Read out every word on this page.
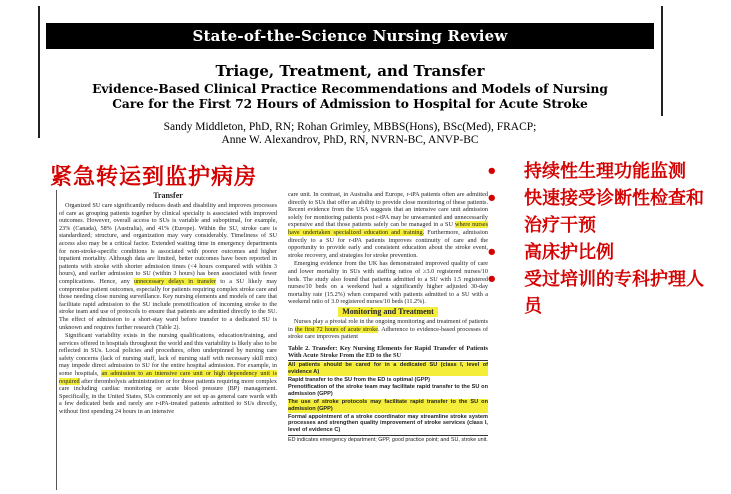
State-of-the-Science Nursing Review
Triage, Treatment, and Transfer
Evidence-Based Clinical Practice Recommendations and Models of Nursing
Care for the First 72 Hours of Admission to Hospital for Acute Stroke
Sandy Middleton, PhD, RN; Rohan Grimley, MBBS(Hons), BSc(Med), FRACP;
Anne W. Alexandrov, PhD, RN, NVRN-BC, ANVP-BC
紧急转运到监护病房	•	持续性生理功能监测
•	快速接受诊断性检查和治疗干预
•	高床护比例
•	受过培训的专科护理人员
Transfer

Organized SU care significantly reduces death and disability and improves processes of care as grouping patients together by clinical specialty is associated with improved outcomes. However, overall access to SUs is variable and suboptimal, for example, 23% (Canada), 58% (Australia), and 41% (Europe). Within the SU, stroke care is standardized; structure, and organization may vary considerably. Timeliness of SU access also may be a critical factor. Extended waiting time in emergency departments for non-stroke-specific conditions is associated with poorer outcomes and higher inpatient mortality. Although data are limited, better outcomes have been reported in patients with stroke with shorter admission times (<4 hours compared with within 3 hours), and earlier admission to SU (within 3 hours) has been associated with fewer complications. Hence, any unnecessary delays in transfer to a SU likely may compromise patient outcomes, especially for patients requiring complex stroke care and those needing close nursing surveillance. Key nursing elements and models of care that facilitate rapid admission to the SU include prenotification of incoming stroke to the stroke team and use of protocols to ensure that patients are admitted directly to the SU. The effect of admission to a short-stay ward before transfer to a dedicated SU is unknown and requires further research (Table 2).

Significant variability exists in the nursing qualifications, education/training, and services offered in hospitals throughout the world and this variability is likely also to be reflected in SUs. Local policies and procedures, often underpinned by nursing care safety concerns (lack of nursing staff, lack of nursing staff with necessary skill mix) may impede direct admission to SU for the entire hospital admission. For example, in some hospitals, an admission to an intensive care unit or high dependency unit is required after thrombolysis administration or for those patients requiring more complex care including cardiac monitoring or acute blood pressure (BP) management. Specifically, in the United States, SUs commonly are set up as general care wards with a few dedicated beds and rarely are r-tPA-treated patients admitted to SUs directly, without first spending 24 hours in an intensive

care unit. In contrast, in Australia and Europe, r-tPA patients often are admitted directly to SUs that offer an ability to provide close monitoring of these patients. Recent evidence from the USA suggests that an intensive care unit admission solely for monitoring patients post r-tPA may be unwarranted and unnecessarily expensive and that those patients safely can be managed in a SU where nurses have undertaken specialized education and training. Furthermore, admission directly to a SU for r-tPA patients improves continuity of care and the opportunity to provide early and consistent education about the stroke event, stroke recovery, and strategies for stroke prevention.

Emerging evidence from the UK has demonstrated improved quality of care and lower mortality in SUs with staffing ratios of ≥3.0 registered nurses/10 beds. The study also found that patients admitted to a SU with 1.5 registered nurses/10 beds on a weekend had a significantly higher adjusted 30-day mortality rate (15.2%) when compared with patients admitted to a SU with a weekend ratio of 3.0 registered nurses/10 beds (11.2%).

Monitoring and Treatment

Nurses play a pivotal role in the ongoing monitoring and treatment of patients in the first 72 hours of acute stroke. Adherence to evidence-based processes of stroke care improves patient

Table 2. Transfer: Key Nursing Elements for Rapid Transfer of Patients With Acute Stroke From the ED to the SU
All patients should be cared for in a dedicated SU (class I, level of evidence A)
Rapid transfer to the SU from the ED is optimal (GPP)
Prenotification of the stroke team may facilitate rapid transfer to the SU on admission (GPP)
The use of stroke protocols may facilitate rapid transfer to the SU on admission (GPP)
Formal appointment of a stroke coordinator may streamline stroke system processes and strengthen quality improvement of stroke services (class I, level of evidence C)
ED indicates emergency department; GPP, good practice point; and SU, stroke unit.
